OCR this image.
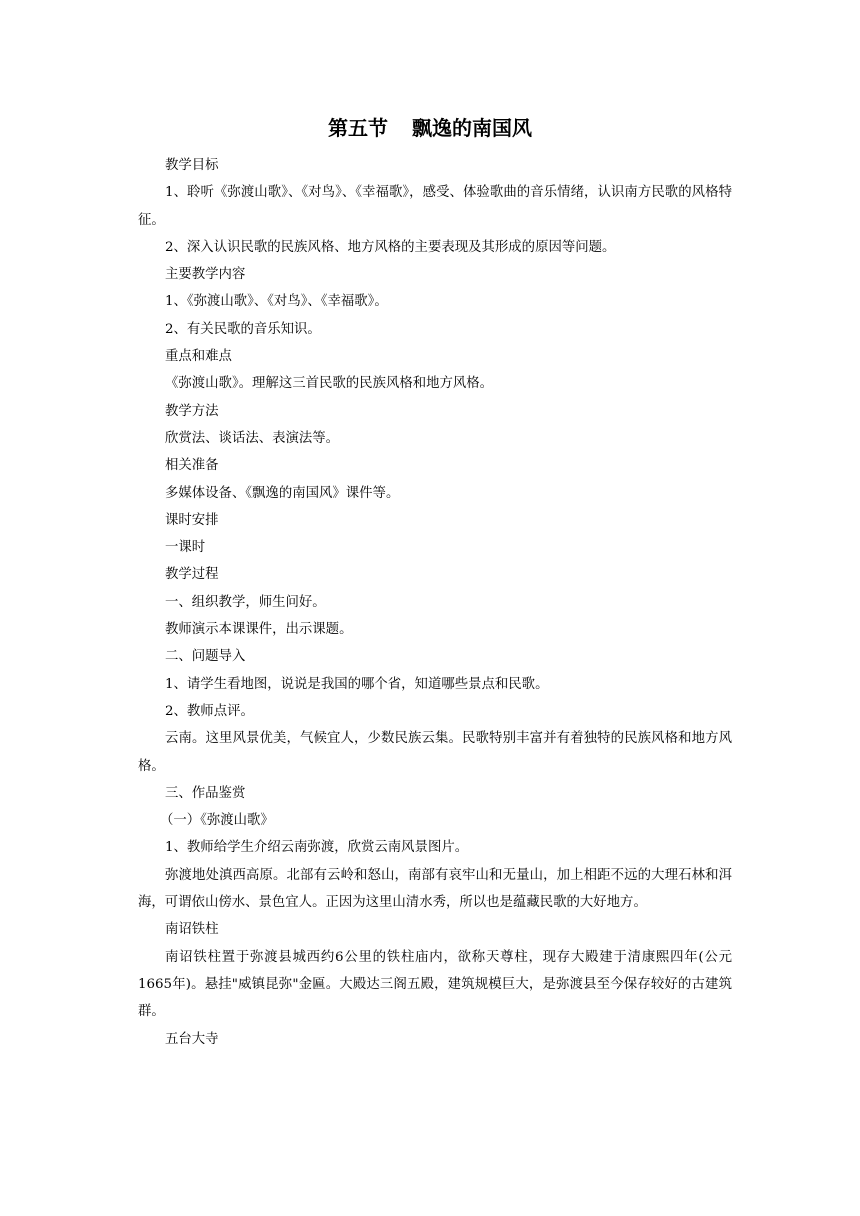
第五节 飘逸的南国风

教学目标

1、聆听《弥渡山歌》、《对鸟》、《幸福歌》，感受、体验歌曲的音乐情绪，认识南方民歌的风格特征。

2、深入认识民歌的民族风格、地方风格的主要表现及其形成的原因等问题。

主要教学内容

1、《弥渡山歌》、《对鸟》、《幸福歌》。

2、有关民歌的音乐知识。

重点和难点

《弥渡山歌》。理解这三首民歌的民族风格和地方风格。

教学方法

欣赏法、谈话法、表演法等。

相关准备

多媒体设备、《飘逸的南国风》课件等。

课时安排

一课时

教学过程

一、组织教学，师生问好。

教师演示本课课件，出示课题。

二、问题导入

1、请学生看地图，说说是我国的哪个省，知道哪些景点和民歌。

2、教师点评。

云南。这里风景优美，气候宜人，少数民族云集。民歌特别丰富并有着独特的民族风格和地方风格。

三、作品鉴赏

（一）《弥渡山歌》

1、教师给学生介绍云南弥渡，欣赏云南风景图片。

弥渡地处滇西高原。北部有云岭和怒山，南部有哀牢山和无量山，加上相距不远的大理石林和洱海，可谓依山傍水、景色宜人。正因为这里山清水秀，所以也是蕴藏民歌的大好地方。

南诏铁柱

南诏铁柱置于弥渡县城西约6公里的铁柱庙内，欲称天尊柱，现存大殿建于清康熙四年(公元1665年)。悬挂"威镇昆弥"金匾。大殿达三阁五殿，建筑规模巨大，是弥渡县至今保存较好的古建筑群。

五台大寺
